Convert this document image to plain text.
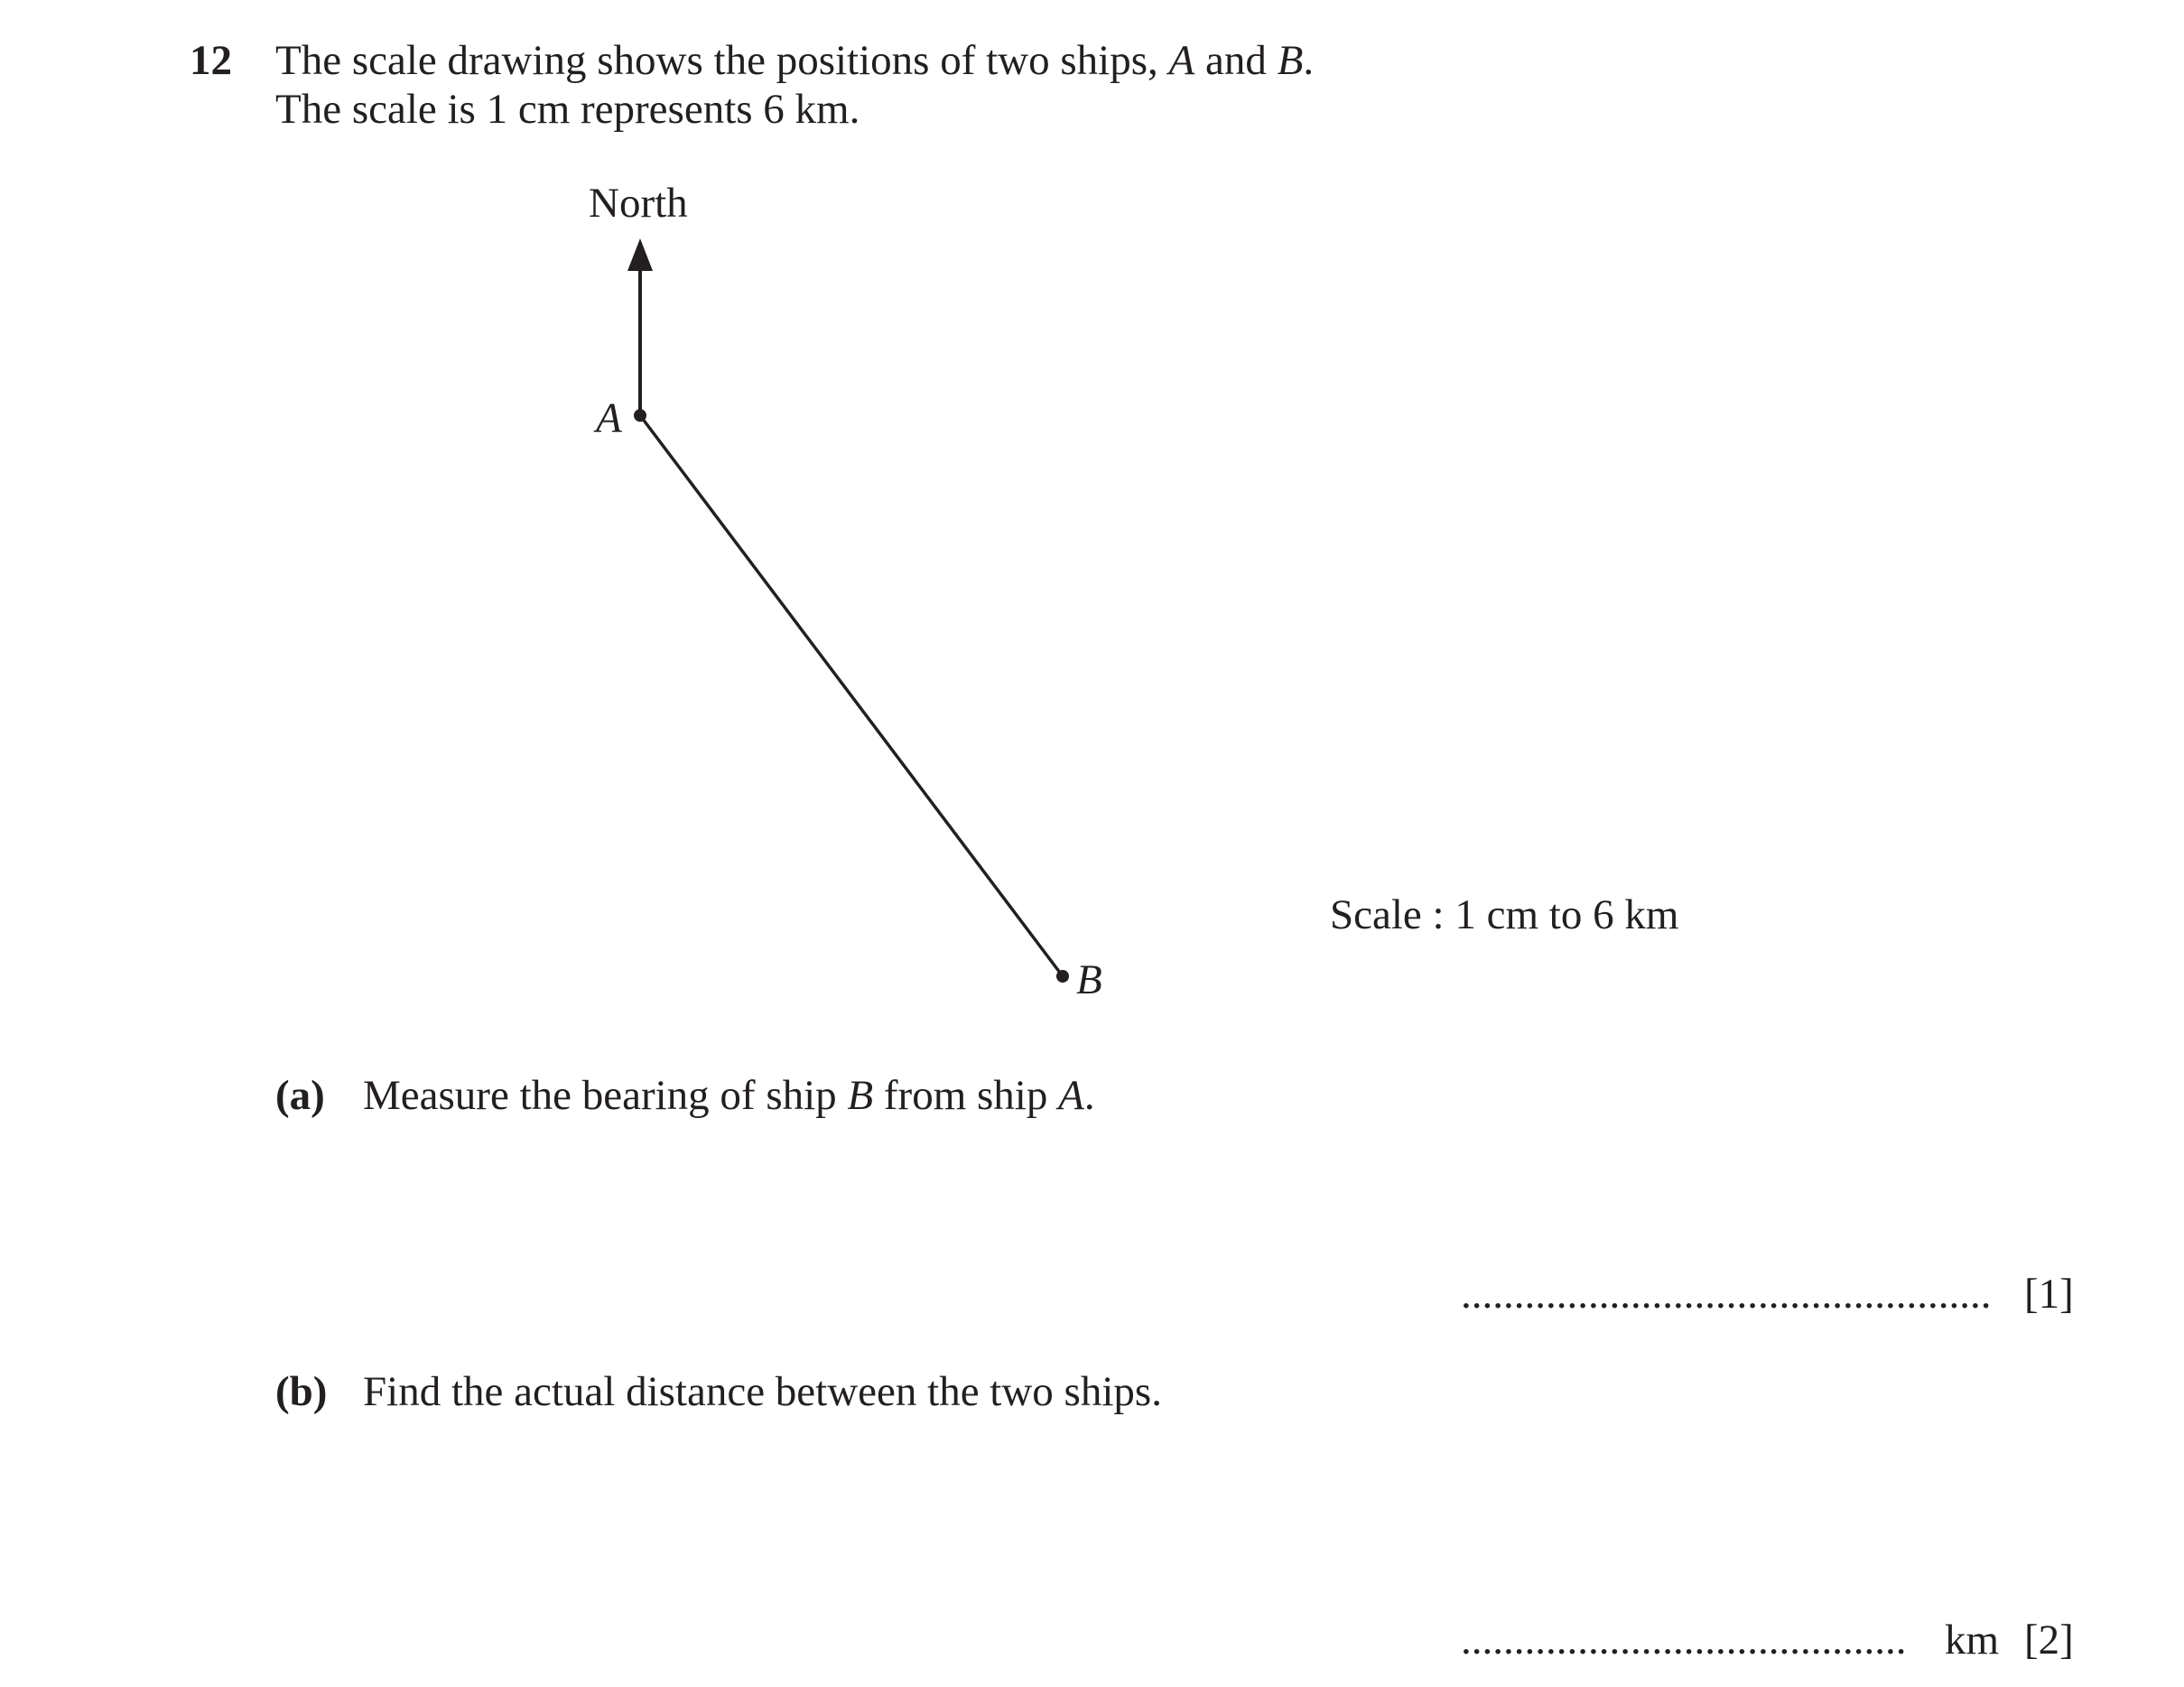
12 The scale drawing shows the positions of two ships, A and B.
The scale is 1 cm represents 6 km.
North
A
B
Scale : 1 cm to 6 km
(a) Measure the bearing of ship B from ship A.
.................................................. [1]
(b) Find the actual distance between the two ships.
.......................................... km [2]
